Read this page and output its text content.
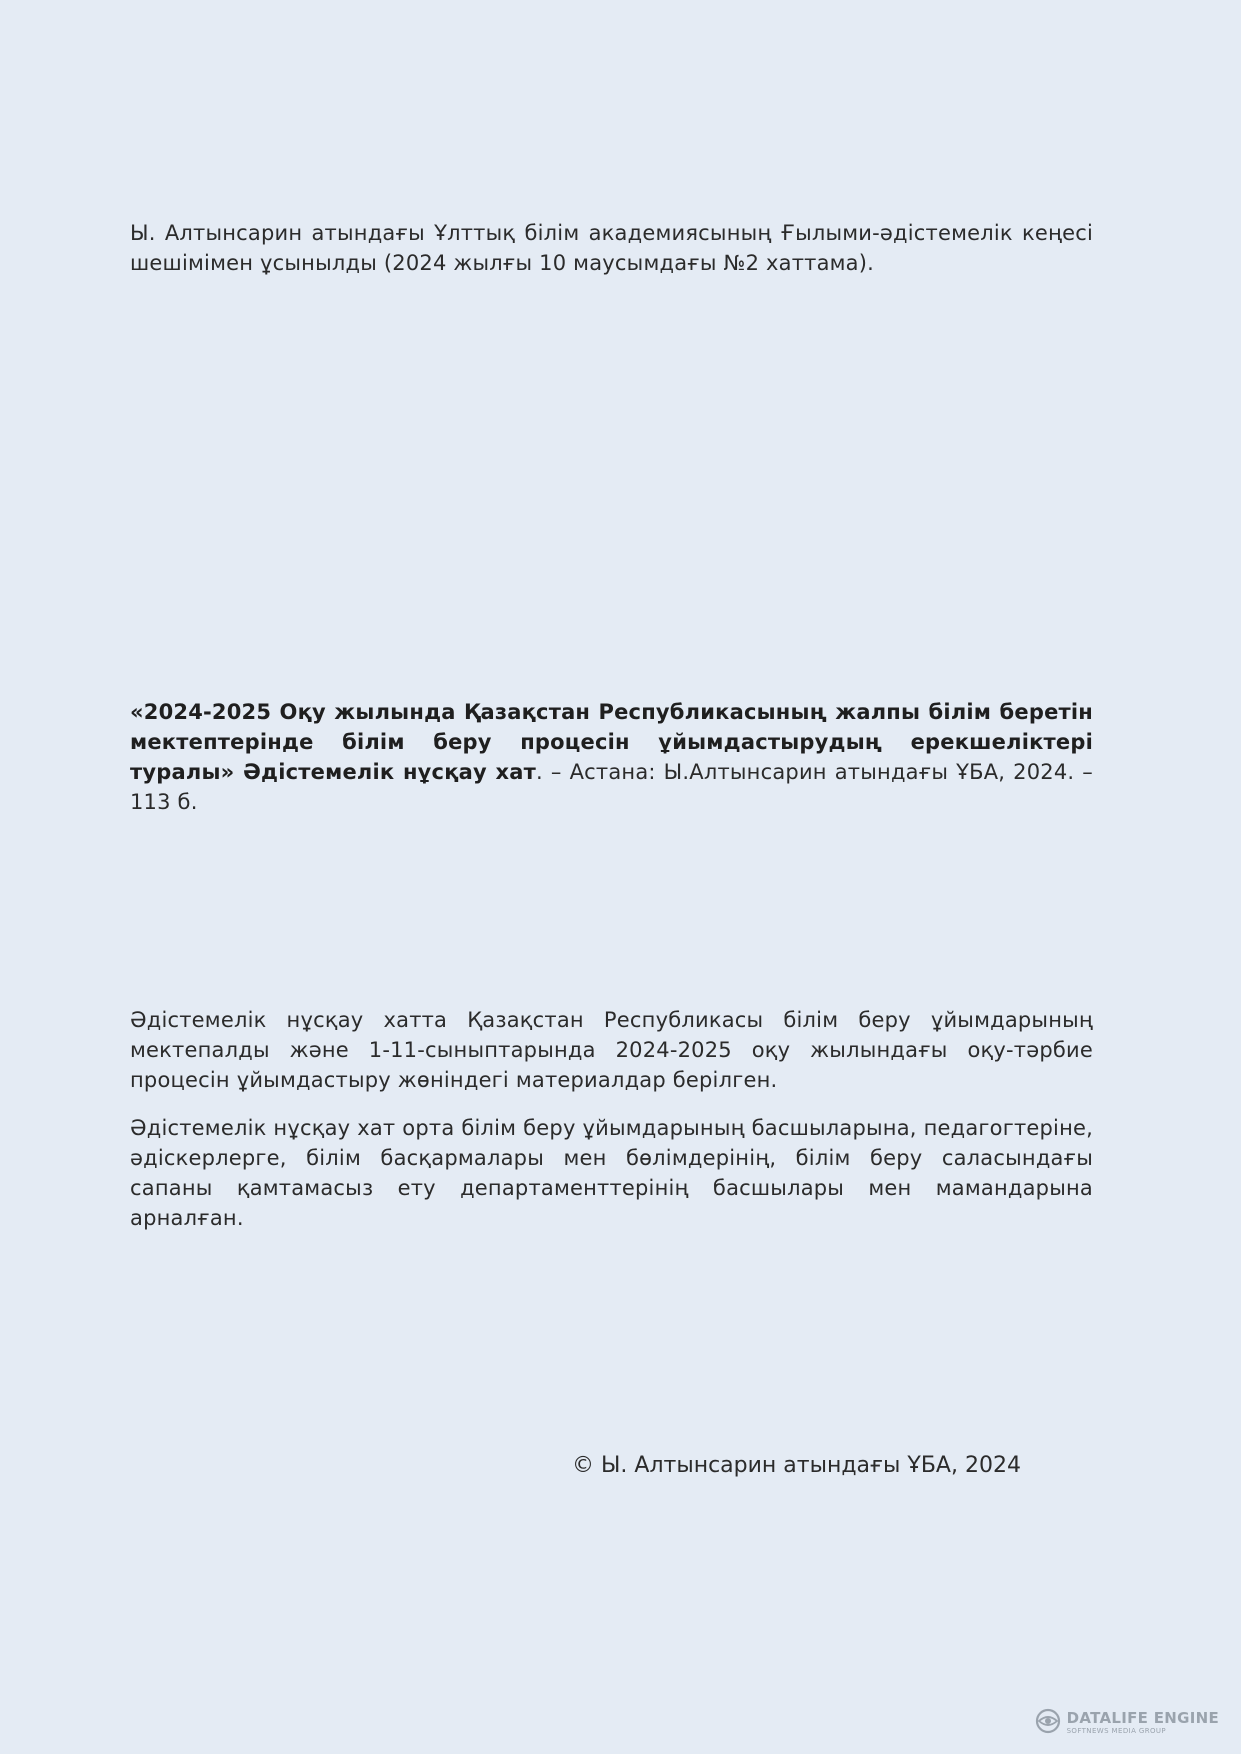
Ы. Алтынсарин атындағы Ұлттық білім академиясының Ғылыми-әдістемелік кеңесі шешімімен ұсынылды (2024 жылғы 10 маусымдағы №2 хаттама).

«2024-2025 Оқу жылында Қазақстан Республикасының жалпы білім беретін мектептерінде білім беру процесін ұйымдастырудың ерекшеліктері туралы» Әдістемелік нұсқау хат. – Астана: Ы.Алтынсарин атындағы ҰБА, 2024. – 113 б.

Әдістемелік нұсқау хатта Қазақстан Республикасы білім беру ұйымдарының мектепалды және 1-11-сыныптарында 2024-2025 оқу жылындағы оқу-тәрбие процесін ұйымдастыру жөніндегі материалдар берілген.

Әдістемелік нұсқау хат орта білім беру ұйымдарының басшыларына, педагогтеріне, әдіскерлерге, білім басқармалары мен бөлімдерінің, білім беру саласындағы сапаны қамтамасыз ету департаменттерінің басшылары мен мамандарына арналған.

© Ы. Алтынсарин атындағы ҰБА, 2024

DATALIFE ENGINE
SOFTNEWS MEDIA GROUP
